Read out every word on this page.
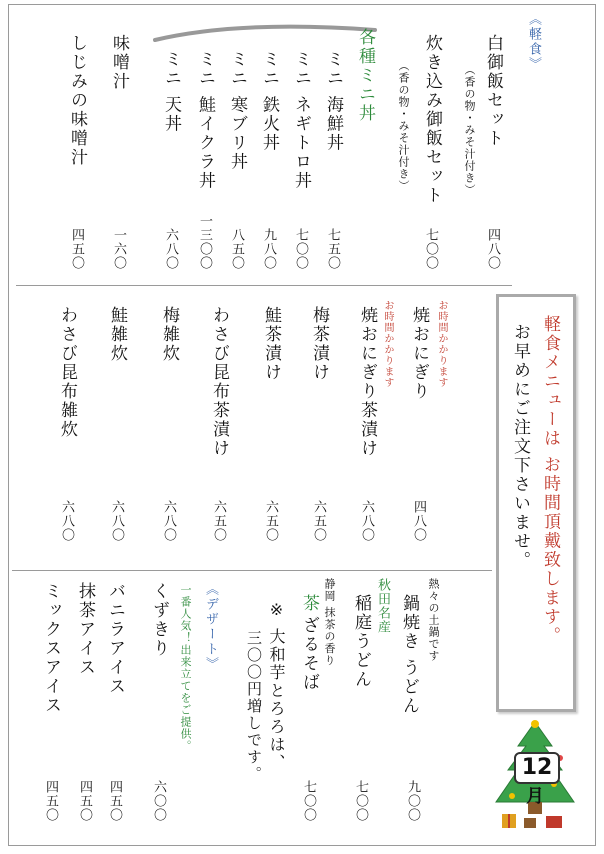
《軽食》
白御飯セット
（香の物・みそ汁付き）
四八〇
炊き込み御飯セット
（香の物・みそ汁付き）
七〇〇
各種ミニ丼
ミニ 海鮮丼
七五〇
ミニ ネギトロ丼
七〇〇
ミニ 鉄火丼
九八〇
ミニ 寒ブリ丼
八五〇
ミニ 鮭イクラ丼
一三〇〇
ミニ 天丼
六八〇
味噌汁
一六〇
しじみの味噌汁
四五〇
お時間かかります
焼おにぎり
四八〇
お時間かかります
焼おにぎり茶漬け
六八〇
梅茶漬け
六五〇
鮭茶漬け
六五〇
わさび昆布茶漬け
六五〇
梅雑炊
六八〇
鮭雑炊
六八〇
わさび昆布雑炊
六八〇	軽食メニューは お時間頂戴致します。
お早めにご注文下さいませ。
熱々の土鍋です
鍋焼き うどん
九〇〇
秋田名産
稲庭うどん
七〇〇
静岡 抹茶の香り
茶
ざるそば
七〇〇
※ 大和芋とろろは、
三〇〇円増しです。
《デザート》
一番人気！出来立てをご提供。
くずきり
六〇〇
バニラアイス
四五〇
抹茶アイス
四五〇
ミックスアイス
四五〇
12
月
